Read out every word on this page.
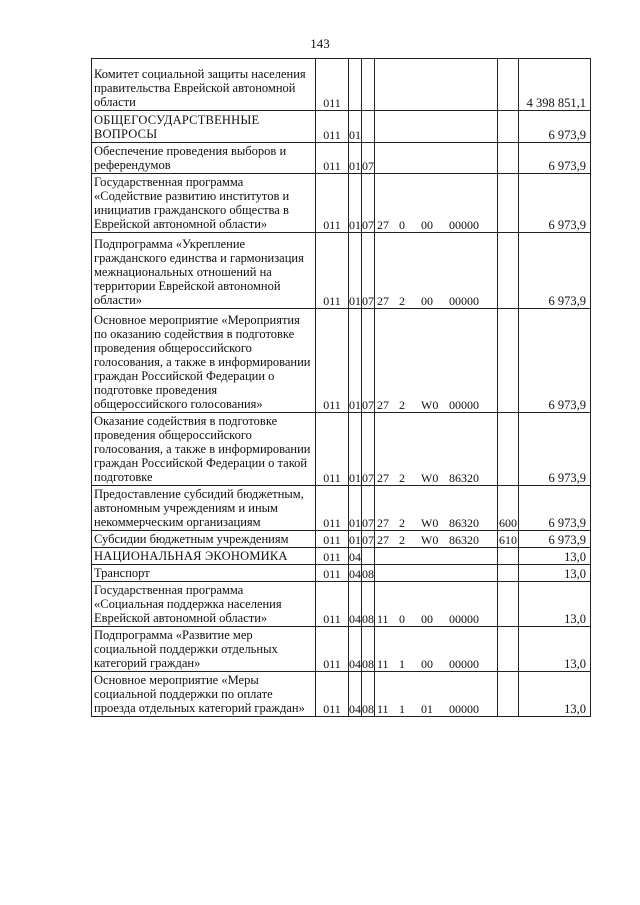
143
Комитет социальной защиты населения правительства Еврейской автономной области	011					4 398 851,1
ОБЩЕГОСУДАРСТВЕННЫЕ ВОПРОСЫ	011	01				6 973,9
Обеспечение проведения выборов и референдумов	011	01	07			6 973,9
Государственная программа «Содействие развитию институтов и инициатив гражданского общества в Еврейской автономной области»	011	01	07	27 0 00 00000		6 973,9
Подпрограмма «Укрепление гражданского единства и гармонизация межнациональных отношений на территории Еврейской автономной области»	011	01	07	27 2 00 00000		6 973,9
Основное мероприятие «Мероприятия по оказанию содействия в подготовке проведения общероссийского голосования, а также в информировании граждан Российской Федерации о подготовке проведения общероссийского голосования»	011	01	07	27 2 W0 00000		6 973,9
Оказание содействия в подготовке проведения общероссийского голосования, а также в информировании граждан Российской Федерации о такой подготовке	011	01	07	27 2 W0 86320		6 973,9
Предоставление субсидий бюджетным, автономным учреждениям и иным некоммерческим организациям	011	01	07	27 2 W0 86320	600	6 973,9
Субсидии бюджетным учреждениям	011	01	07	27 2 W0 86320	610	6 973,9
НАЦИОНАЛЬНАЯ ЭКОНОМИКА	011	04				13,0
Транспорт	011	04	08			13,0
Государственная программа «Социальная поддержка населения Еврейской автономной области»	011	04	08	11 0 00 00000		13,0
Подпрограмма «Развитие мер социальной поддержки отдельных категорий граждан»	011	04	08	11 1 00 00000		13,0
Основное мероприятие «Меры социальной поддержки по оплате проезда отдельных категорий граждан»	011	04	08	11 1 01 00000		13,0
